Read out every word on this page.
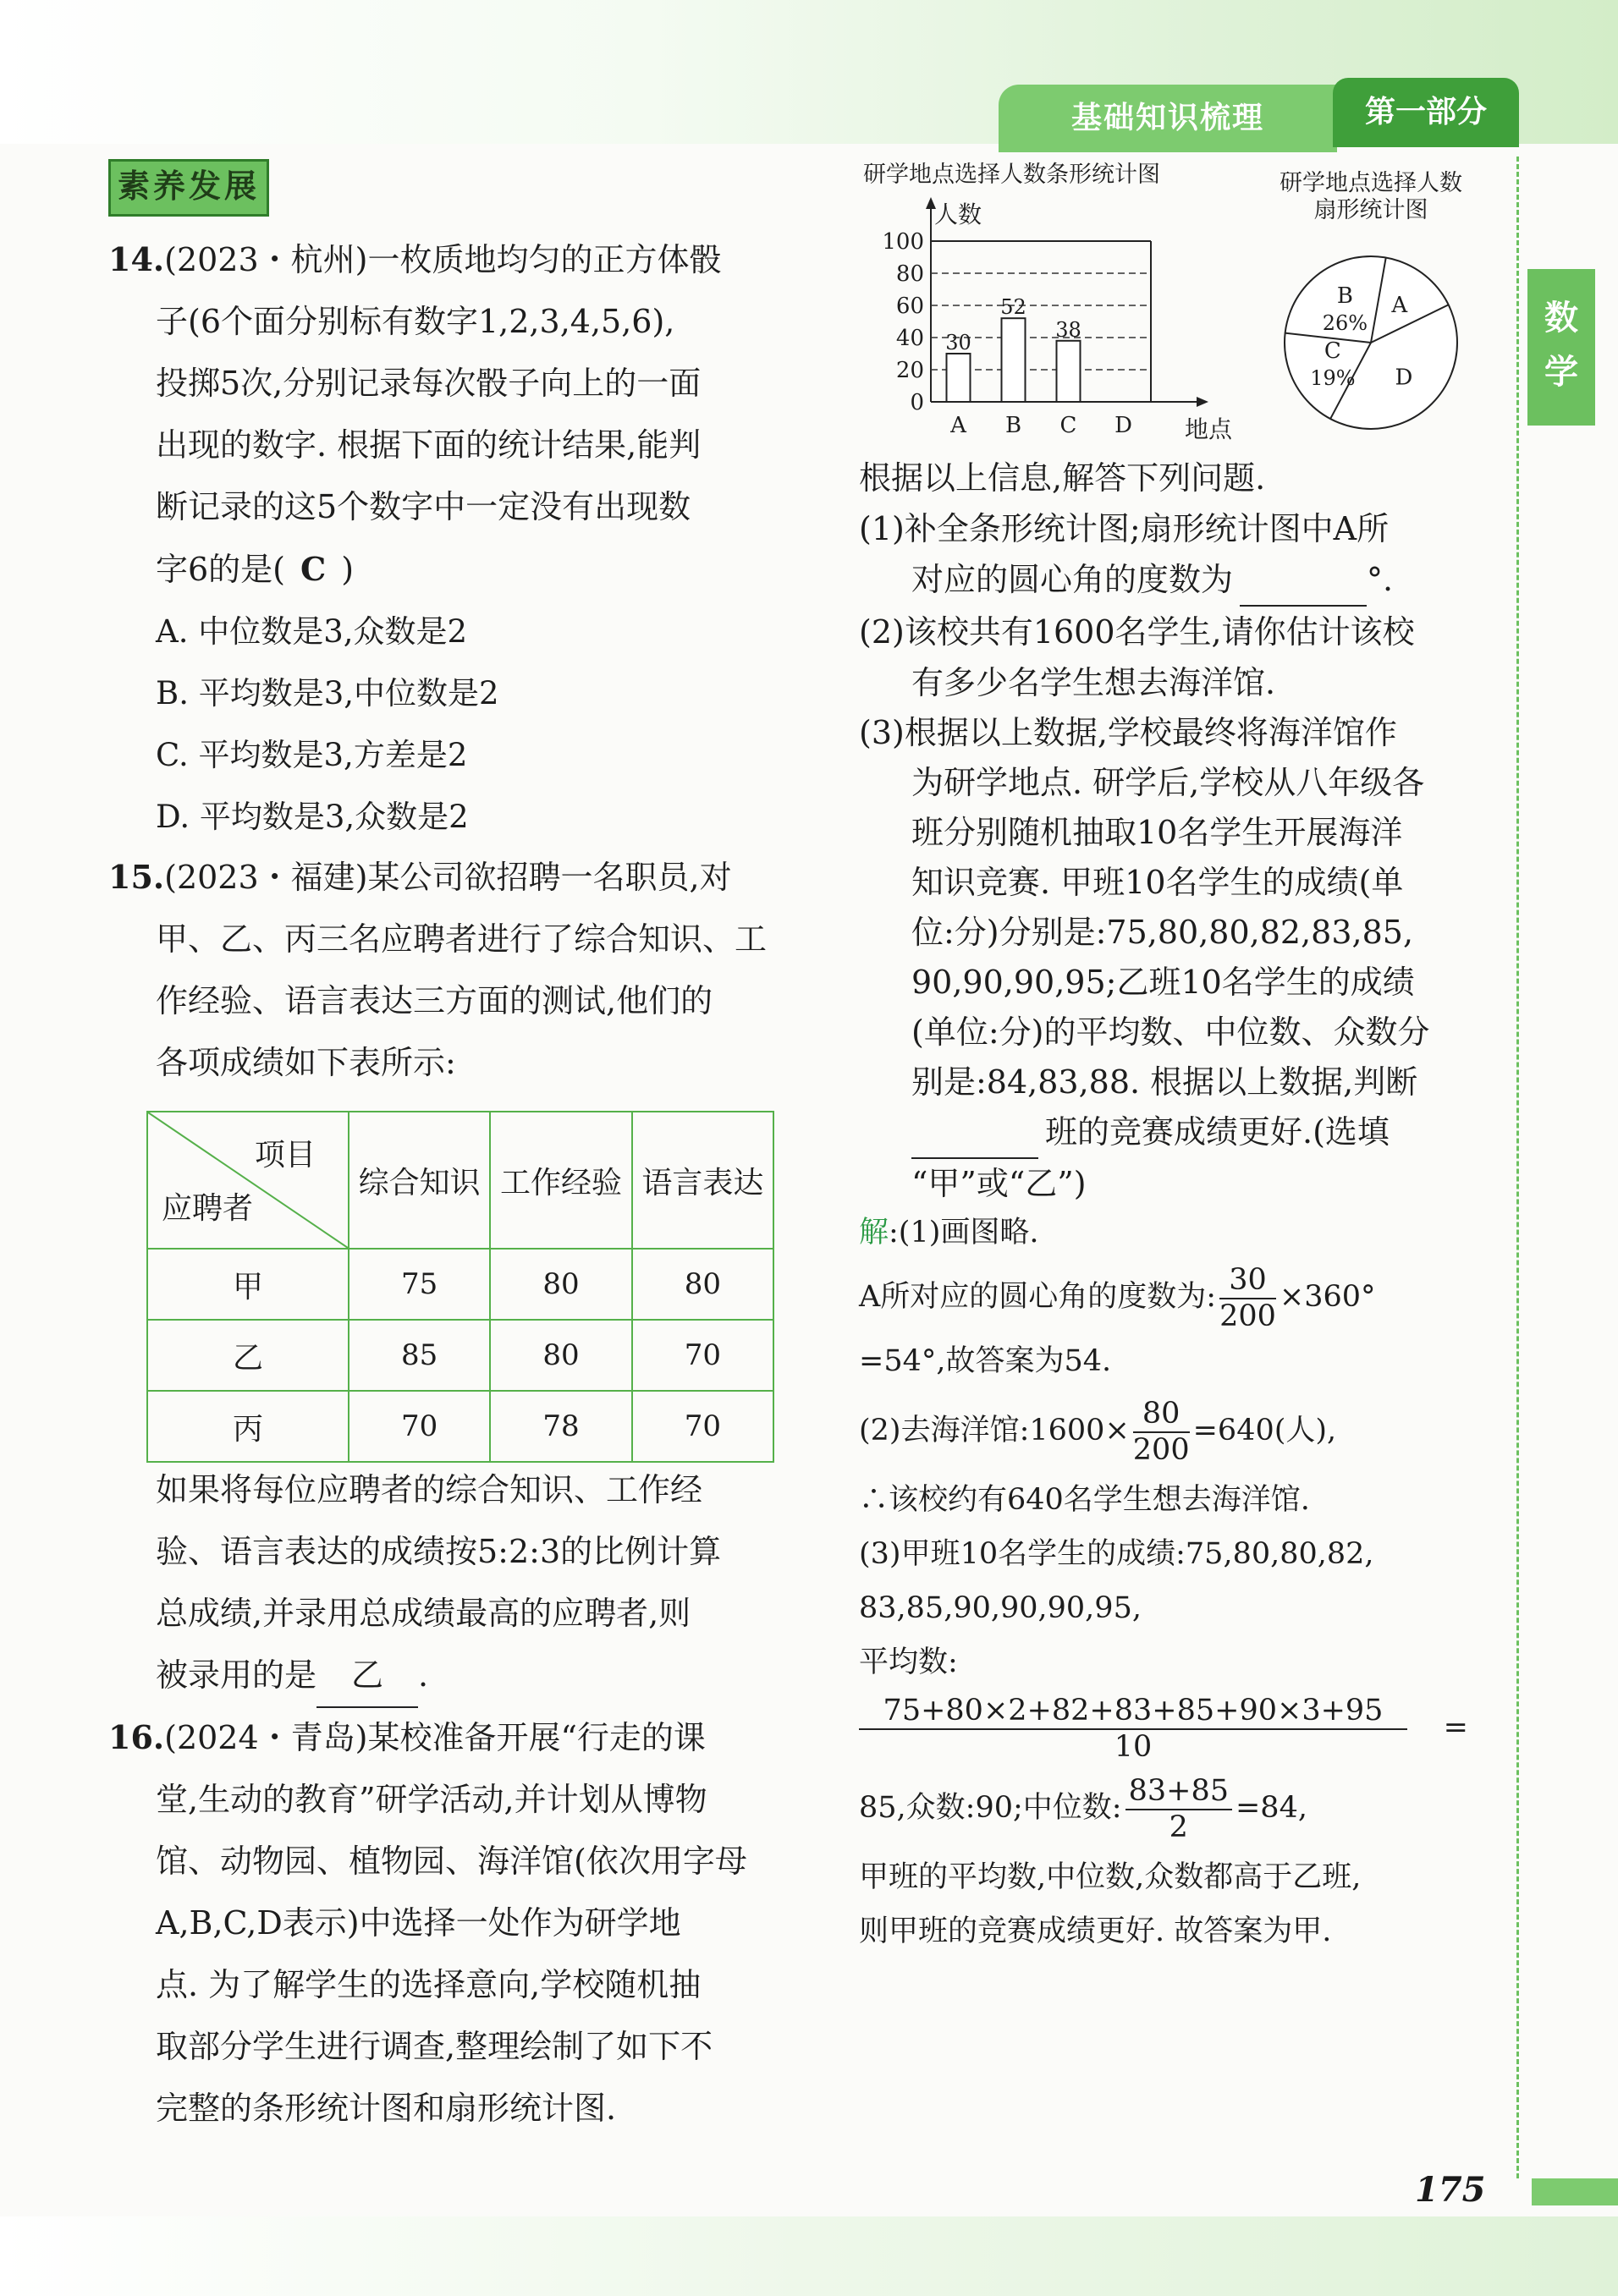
基础知识梳理	第一部分
数
学
素养发展
14.(2023・杭州)一枚质地均匀的正方体骰
子(6个面分别标有数字1,2,3,4,5,6),
投掷5次,分别记录每次骰子向上的一面
出现的数字. 根据下面的统计结果,能判
断记录的这5个数字中一定没有出现数
字6的是( C )
A. 中位数是3,众数是2
B. 平均数是3,中位数是2
C. 平均数是3,方差是2
D. 平均数是3,众数是2
15.(2023・福建)某公司欲招聘一名职员,对
甲、乙、丙三名应聘者进行了综合知识、工
作经验、语言表达三方面的测试,他们的
各项成绩如下表所示:
项目
应聘者	综合知识	工作经验	语言表达
甲	75	80	80
乙	85	80	70
丙	70	78	70
如果将每位应聘者的综合知识、工作经
验、语言表达的成绩按5:2:3的比例计算
总成绩,并录用总成绩最高的应聘者,则
被录用的是 乙 .
16.(2024・青岛)某校准备开展“行走的课
堂,生动的教育”研学活动,并计划从博物
馆、动物园、植物园、海洋馆(依次用字母
A,B,C,D表示)中选择一处作为研学地
点. 为了解学生的选择意向,学校随机抽
取部分学生进行调查,整理绘制了如下不
完整的条形统计图和扇形统计图.
研学地点选择人数条形统计图
人数
地点
0
20
40
60
80
100
A
30
B
52
C
38
D
研学地点选择人数
扇形统计图
A
D
C
19%
B
26%
根据以上信息,解答下列问题.
(1)补全条形统计图;扇形统计图中A所
对应的圆心角的度数为	°.
(2)该校共有1600名学生,请你估计该校
有多少名学生想去海洋馆.
(3)根据以上数据,学校最终将海洋馆作
为研学地点. 研学后,学校从八年级各
班分别随机抽取10名学生开展海洋
知识竞赛. 甲班10名学生的成绩(单
位:分)分别是:75,80,80,82,83,85,
90,90,90,95;乙班10名学生的成绩
(单位:分)的平均数、中位数、众数分
别是:84,83,88. 根据以上数据,判断
班的竞赛成绩更好.(选填
“甲”或“乙”)
解:(1)画图略.
A所对应的圆心角的度数为: $\frac{30}{200} \times 360^\circ$
=54°,故答案为54.
(2)去海洋馆:1600× $\frac{80}{200} =640$(人),
∴该校约有640名学生想去海洋馆.
(3)甲班10名学生的成绩:75,80,80,82,
83,85,90,90,90,95,
平均数:
$\frac{75+80\times 2+82+83+85+90\times 3+95}{10}$ =
85,众数:90;中位数: $\frac{83+85}{2} =84$,
甲班的平均数,中位数,众数都高于乙班,
则甲班的竞赛成绩更好. 故答案为甲.
175
